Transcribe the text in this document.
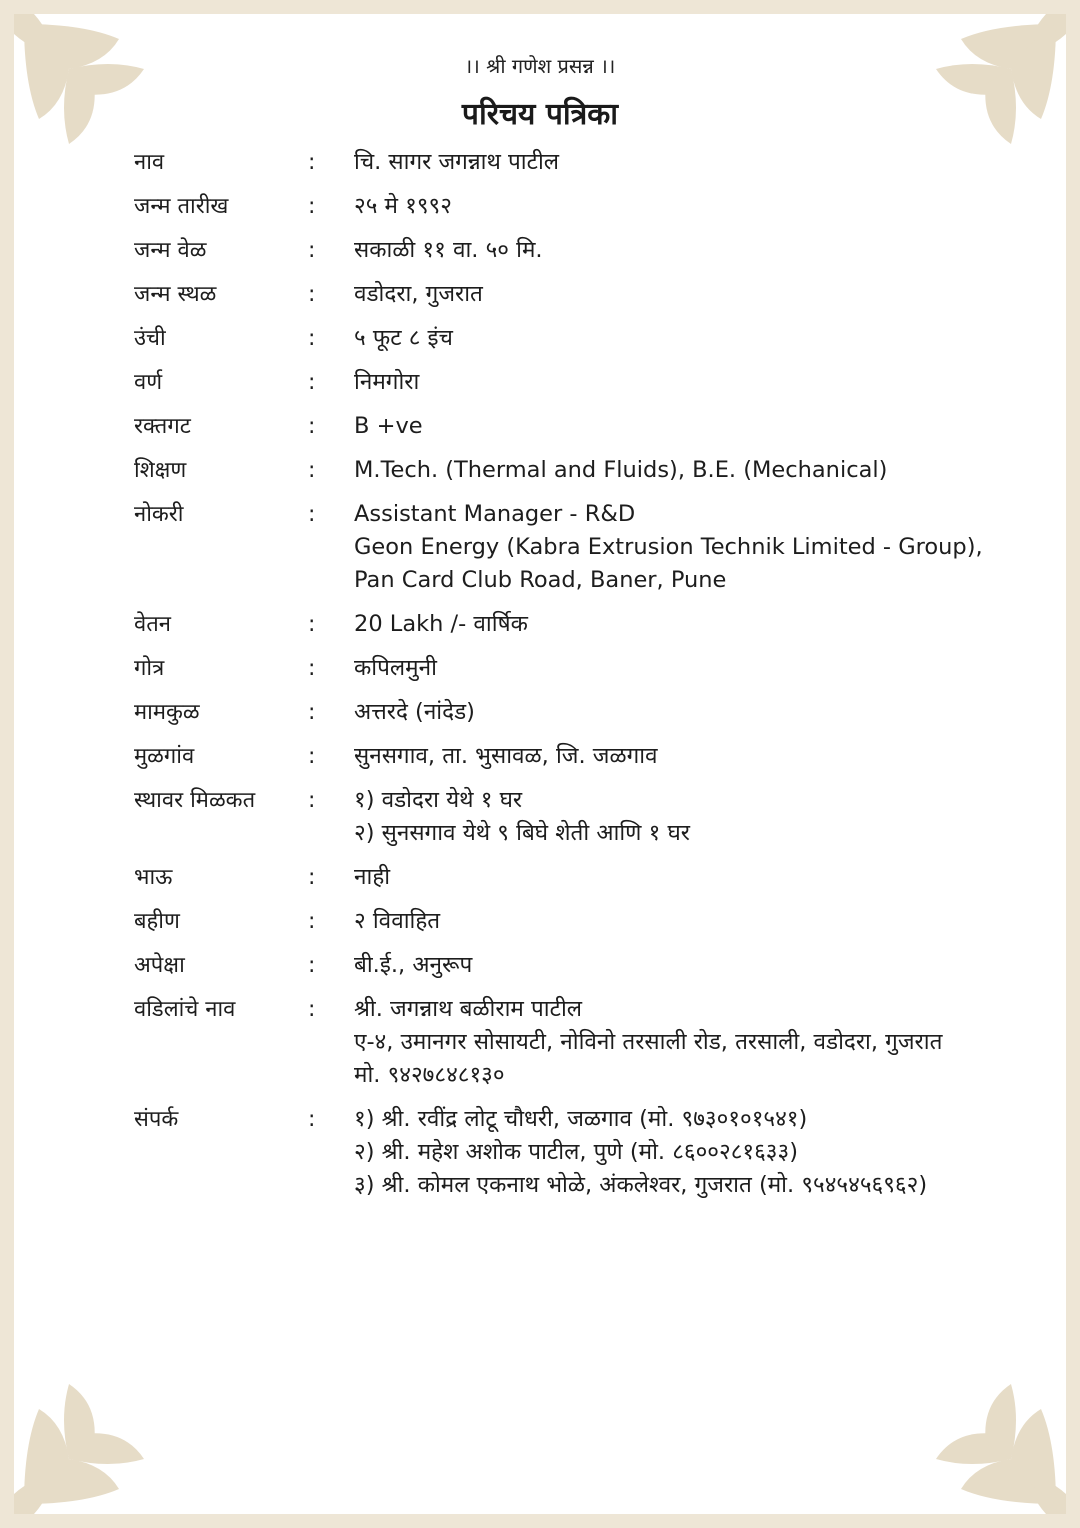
।। श्री गणेश प्रसन्न ।।
परिचय पत्रिका
नाव	:	चि. सागर जगन्नाथ पाटील
जन्म तारीख	:	२५ मे १९९२
जन्म वेळ	:	सकाळी ११ वा. ५० मि.
जन्म स्थळ	:	वडोदरा, गुजरात
उंची	:	५ फूट ८ इंच
वर्ण	:	निमगोरा
रक्तगट	:	B +ve
शिक्षण	:	M.Tech. (Thermal and Fluids), B.E. (Mechanical)
नोकरी	:	Assistant Manager - R&D
Geon Energy (Kabra Extrusion Technik Limited - Group),
Pan Card Club Road, Baner, Pune
वेतन	:	20 Lakh /- वार्षिक
गोत्र	:	कपिलमुनी
मामकुळ	:	अत्तरदे (नांदेड)
मुळगांव	:	सुनसगाव, ता. भुसावळ, जि. जळगाव
स्थावर मिळकत	:	१) वडोदरा येथे १ घर
२) सुनसगाव येथे ९ बिघे शेती आणि १ घर
भाऊ	:	नाही
बहीण	:	२ विवाहित
अपेक्षा	:	बी.ई., अनुरूप
वडिलांचे नाव	:	श्री. जगन्नाथ बळीराम पाटील
ए-४, उमानगर सोसायटी, नोविनो तरसाली रोड, तरसाली, वडोदरा, गुजरात
मो. ९४२७८४८१३०
संपर्क	:	१) श्री. रवींद्र लोटू चौधरी, जळगाव (मो. ९७३०१०१५४१)
२) श्री. महेश अशोक पाटील, पुणे (मो. ८६००२८१६३३)
३) श्री. कोमल एकनाथ भोळे, अंकलेश्वर, गुजरात (मो. ९५४५४५६९६२)
